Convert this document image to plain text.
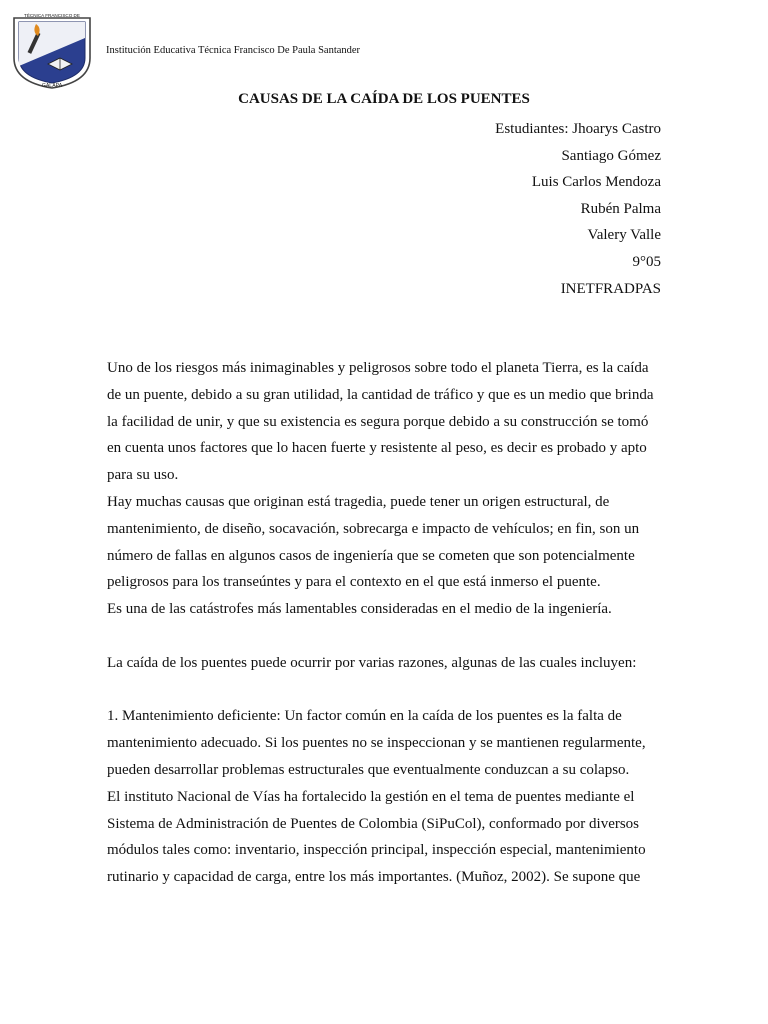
TÉCNICA FRANCISCO DE
GALAPA
Institución Educativa Técnica Francisco De Paula Santander
CAUSAS DE LA CAÍDA DE LOS PUENTES
Estudiantes: Jhoarys Castro
Santiago Gómez
Luis Carlos Mendoza
Rubén Palma
Valery Valle
9°05
INETFRADPAS
Uno de los riesgos más inimaginables y peligrosos sobre todo el planeta Tierra, es la caída
de un puente, debido a su gran utilidad, la cantidad de tráfico y que es un medio que brinda
la facilidad de unir, y que su existencia es segura porque debido a su construcción se tomó
en cuenta unos factores que lo hacen fuerte y resistente al peso, es decir es probado y apto
para su uso.
Hay muchas causas que originan está tragedia, puede tener un origen estructural, de
mantenimiento, de diseño, socavación, sobrecarga e impacto de vehículos; en fin, son un
número de fallas en algunos casos de ingeniería que se cometen que son potencialmente
peligrosos para los transeúntes y para el contexto en el que está inmerso el puente.
Es una de las catástrofes más lamentables consideradas en el medio de la ingeniería.
La caída de los puentes puede ocurrir por varias razones, algunas de las cuales incluyen:
1. Mantenimiento deficiente: Un factor común en la caída de los puentes es la falta de
mantenimiento adecuado. Si los puentes no se inspeccionan y se mantienen regularmente,
pueden desarrollar problemas estructurales que eventualmente conduzcan a su colapso.
El instituto Nacional de Vías ha fortalecido la gestión en el tema de puentes mediante el
Sistema de Administración de Puentes de Colombia (SiPuCol), conformado por diversos
módulos tales como: inventario, inspección principal, inspección especial, mantenimiento
rutinario y capacidad de carga, entre los más importantes. (Muñoz, 2002). Se supone que
